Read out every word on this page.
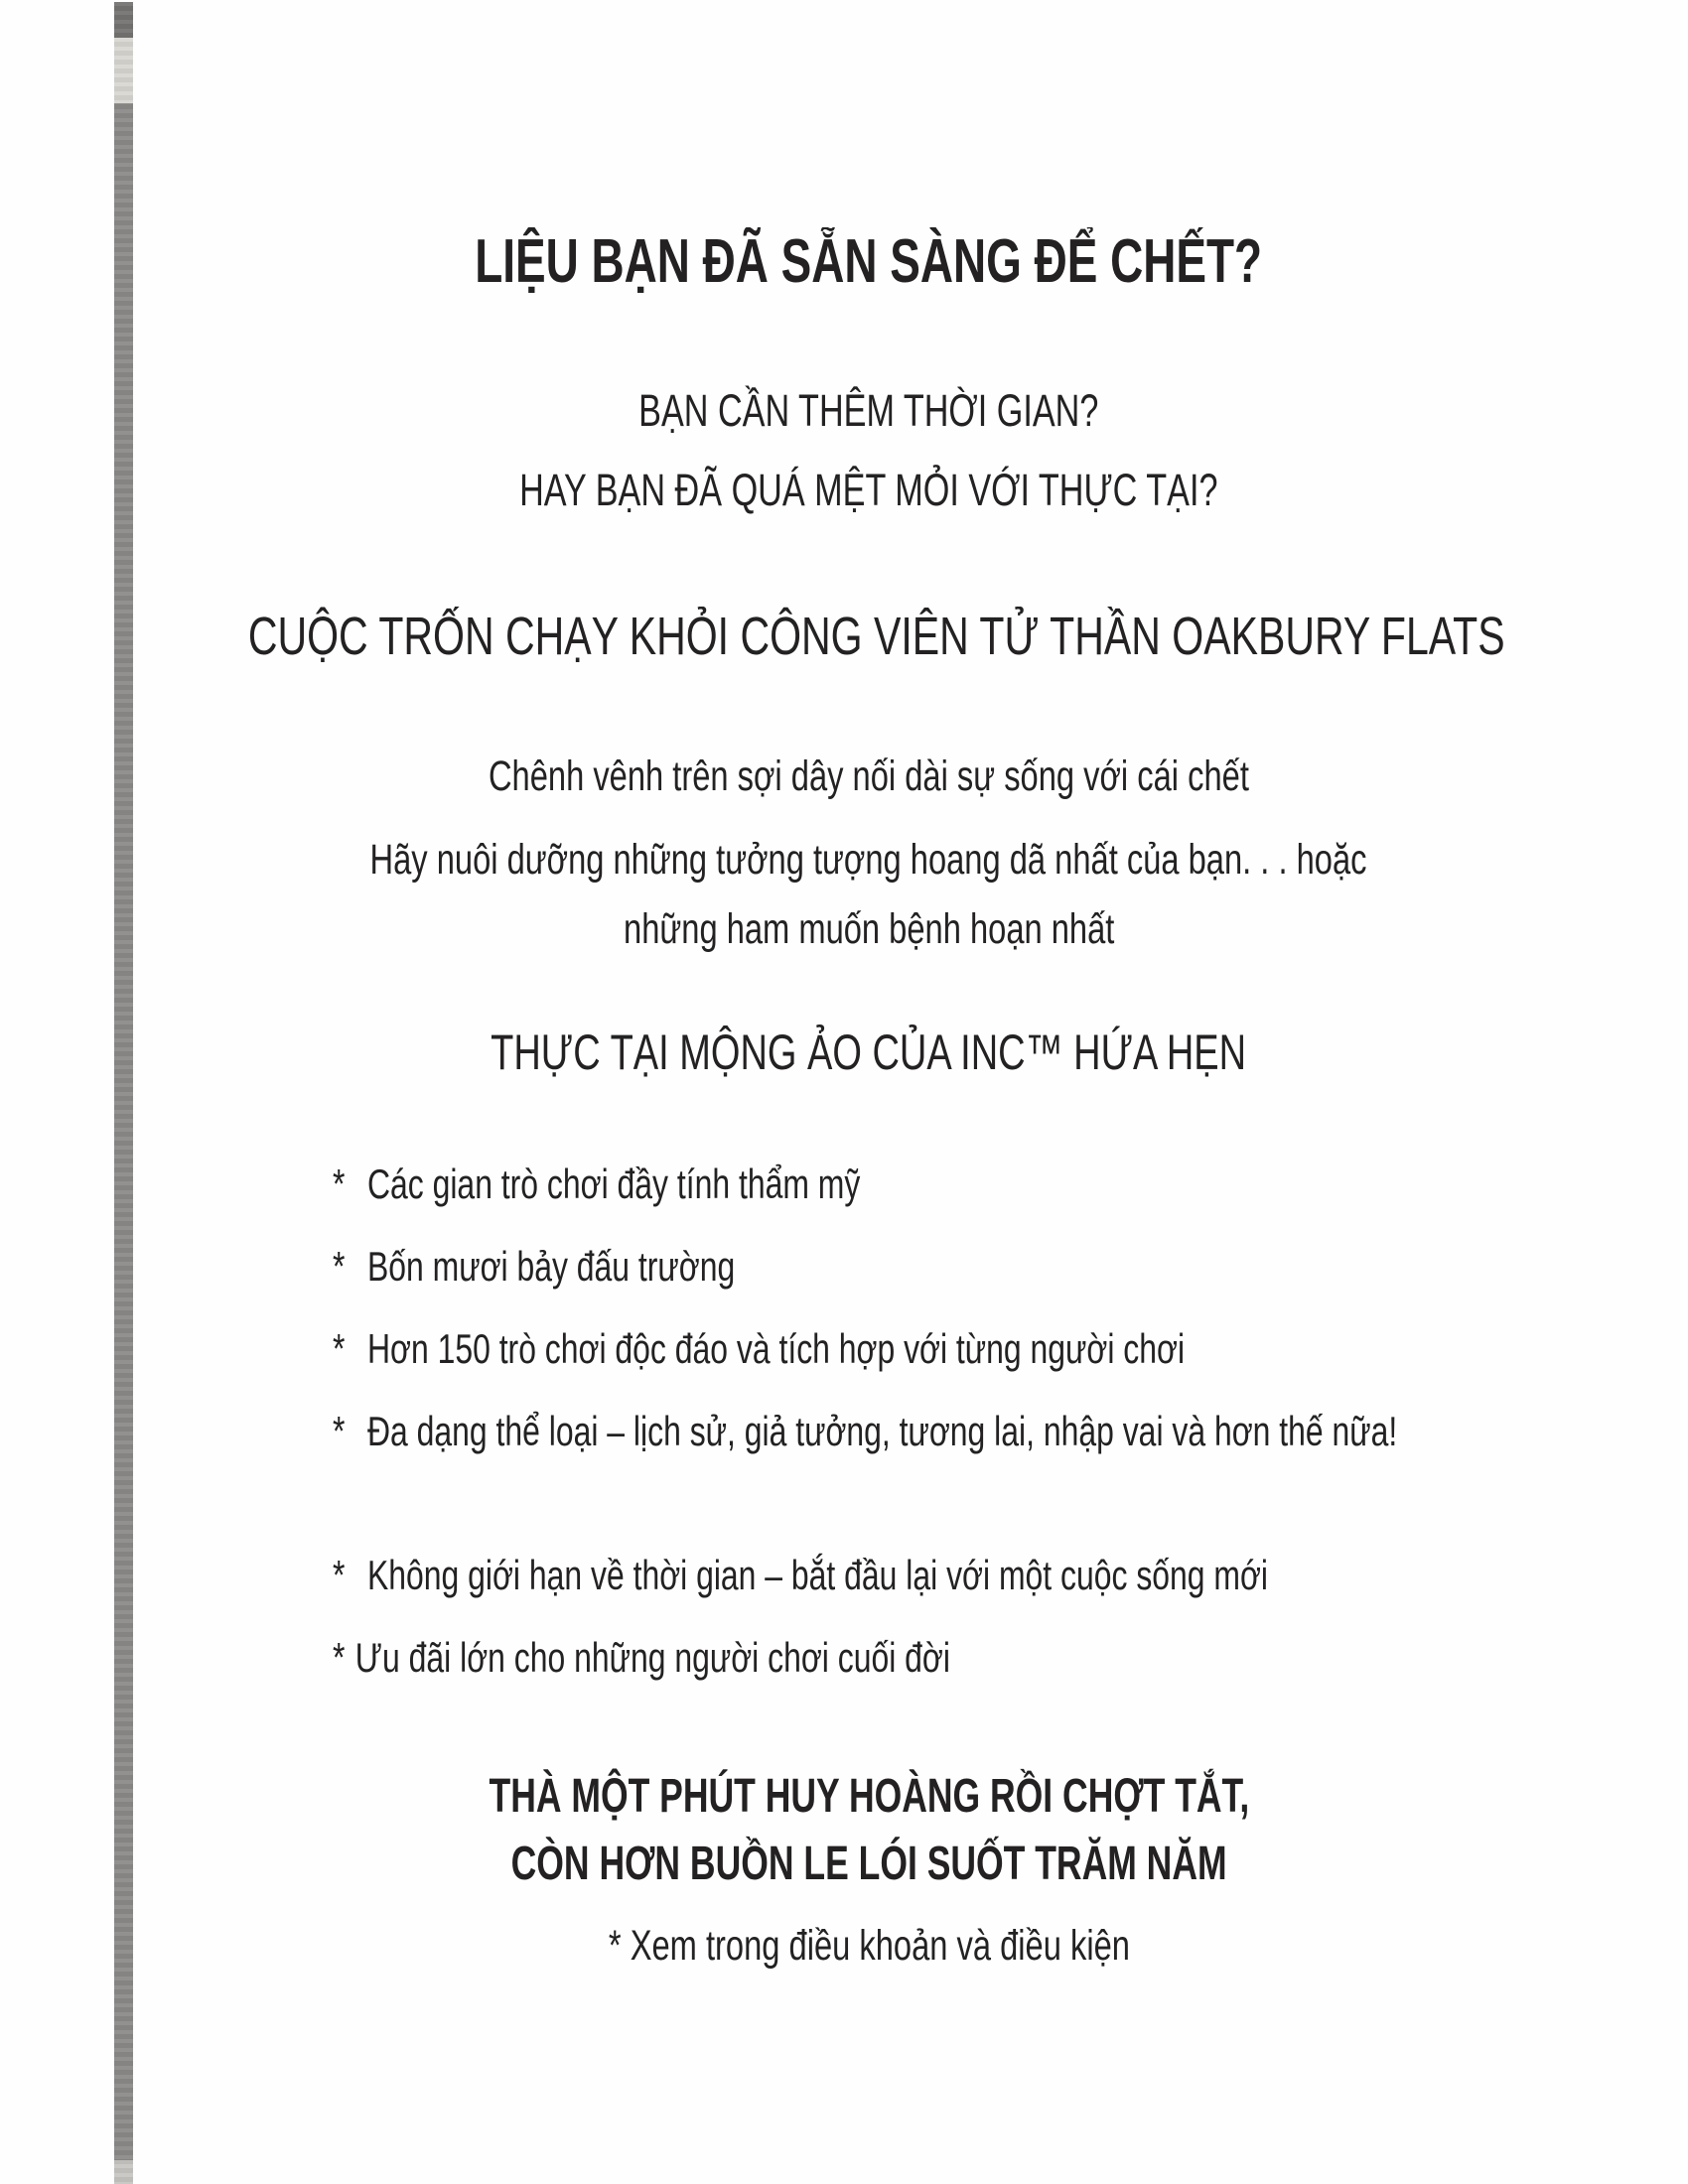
LIỆU BẠN ĐÃ SẴN SÀNG ĐỂ CHẾT?
BẠN CẦN THÊM THỜI GIAN?
HAY BẠN ĐÃ QUÁ MỆT MỎI VỚI THỰC TẠI?
CUỘC TRỐN CHẠY KHỎI CÔNG VIÊN TỬ THẦN OAKBURY FLATS
Chênh vênh trên sợi dây nối dài sự sống với cái chết
Hãy nuôi dưỡng những tưởng tượng hoang dã nhất của bạn. . . hoặc
những ham muốn bệnh hoạn nhất
THỰC TẠI MỘNG ẢO CỦA INC™ HỨA HẸN
* Các gian trò chơi đầy tính thẩm mỹ
* Bốn mươi bảy đấu trường
* Hơn 150 trò chơi độc đáo và tích hợp với từng người chơi
* Đa dạng thể loại – lịch sử, giả tưởng, tương lai, nhập vai và hơn thế nữa!
* Không giới hạn về thời gian – bắt đầu lại với một cuộc sống mới
* Ưu đãi lớn cho những người chơi cuối đời
THÀ MỘT PHÚT HUY HOÀNG RỒI CHỢT TẮT,
CÒN HƠN BUỒN LE LÓI SUỐT TRĂM NĂM
* Xem trong điều khoản và điều kiện
